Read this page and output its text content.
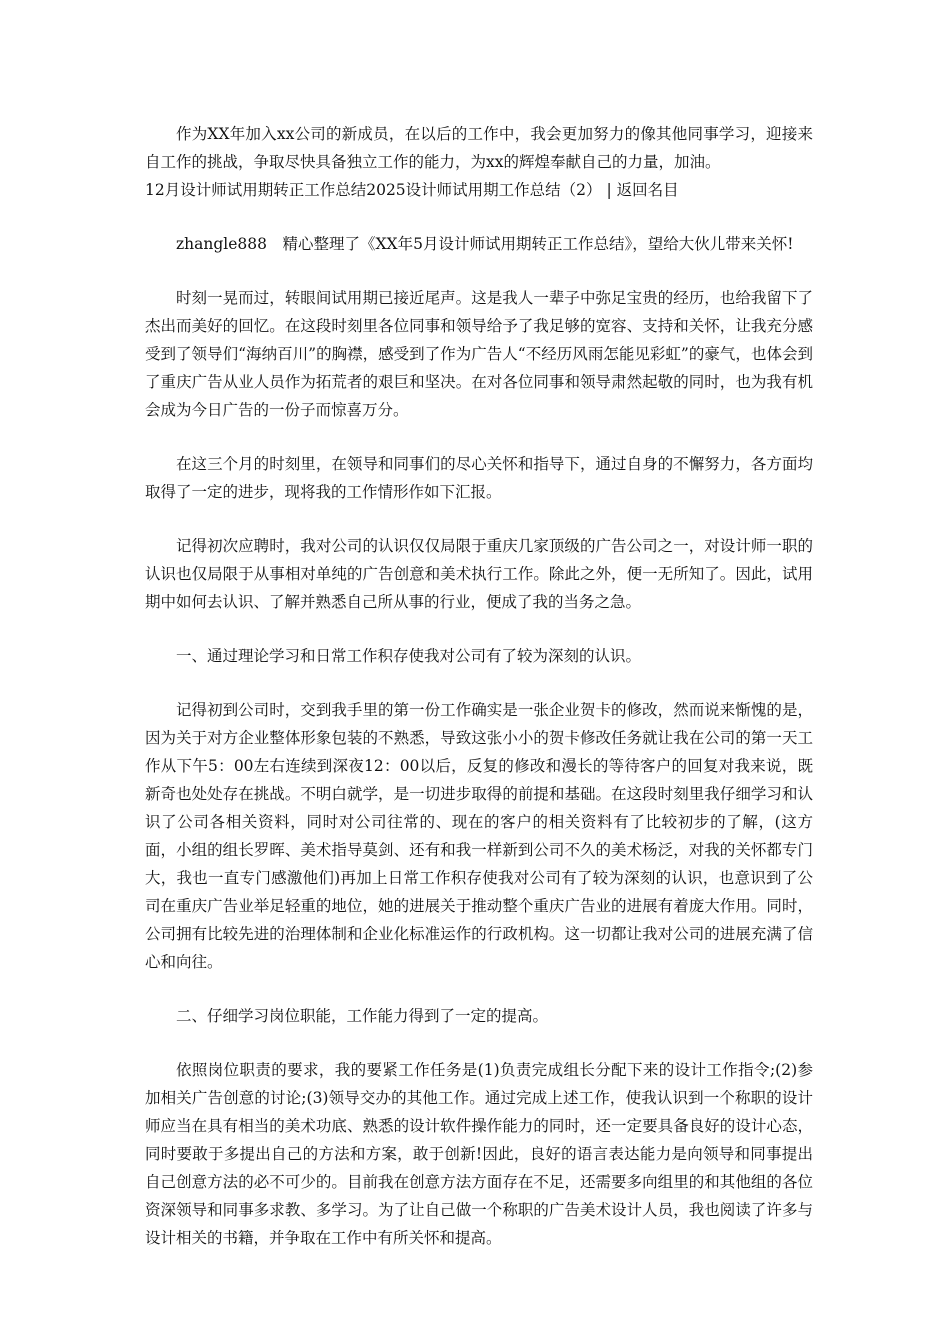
作为XX年加入xx公司的新成员，在以后的工作中，我会更加努力的像其他同事学习，迎接来自工作的挑战，争取尽快具备独立工作的能力，为xx的辉煌奉献自己的力量，加油。

12月设计师试用期转正工作总结2025设计师试用期工作总结（2） | 返回名目

zhangle888　精心整理了《XX年5月设计师试用期转正工作总结》，望给大伙儿带来关怀!

时刻一晃而过，转眼间试用期已接近尾声。这是我人一辈子中弥足宝贵的经历，也给我留下了杰出而美好的回忆。在这段时刻里各位同事和领导给予了我足够的宽容、支持和关怀，让我充分感受到了领导们“海纳百川”的胸襟，感受到了作为广告人“不经历风雨怎能见彩虹”的豪气，也体会到了重庆广告从业人员作为拓荒者的艰巨和坚决。在对各位同事和领导肃然起敬的同时，也为我有机会成为今日广告的一份子而惊喜万分。

在这三个月的时刻里，在领导和同事们的尽心关怀和指导下，通过自身的不懈努力，各方面均取得了一定的进步，现将我的工作情形作如下汇报。

记得初次应聘时，我对公司的认识仅仅局限于重庆几家顶级的广告公司之一，对设计师一职的认识也仅局限于从事相对单纯的广告创意和美术执行工作。除此之外，便一无所知了。因此，试用期中如何去认识、了解并熟悉自己所从事的行业，便成了我的当务之急。

一、通过理论学习和日常工作积存使我对公司有了较为深刻的认识。

记得初到公司时，交到我手里的第一份工作确实是一张企业贺卡的修改，然而说来惭愧的是，因为关于对方企业整体形象包装的不熟悉，导致这张小小的贺卡修改任务就让我在公司的第一天工作从下午5：00左右连续到深夜12：00以后，反复的修改和漫长的等待客户的回复对我来说，既新奇也处处存在挑战。不明白就学，是一切进步取得的前提和基础。在这段时刻里我仔细学习和认识了公司各相关资料，同时对公司往常的、现在的客户的相关资料有了比较初步的了解，(这方面，小组的组长罗晖、美术指导莫剑、还有和我一样新到公司不久的美术杨泛，对我的关怀都专门大，我也一直专门感激他们)再加上日常工作积存使我对公司有了较为深刻的认识，也意识到了公司在重庆广告业举足轻重的地位，她的进展关于推动整个重庆广告业的进展有着庞大作用。同时，公司拥有比较先进的治理体制和企业化标准运作的行政机构。这一切都让我对公司的进展充满了信心和向往。

二、仔细学习岗位职能，工作能力得到了一定的提高。

依照岗位职责的要求，我的要紧工作任务是(1)负责完成组长分配下来的设计工作指令;(2)参加相关广告创意的讨论;(3)领导交办的其他工作。通过完成上述工作，使我认识到一个称职的设计师应当在具有相当的美术功底、熟悉的设计软件操作能力的同时，还一定要具备良好的设计心态，同时要敢于多提出自己的方法和方案，敢于创新!因此，良好的语言表达能力是向领导和同事提出自己创意方法的必不可少的。目前我在创意方法方面存在不足，还需要多向组里的和其他组的各位资深领导和同事多求教、多学习。为了让自己做一个称职的广告美术设计人员，我也阅读了许多与设计相关的书籍，并争取在工作中有所关怀和提高。
